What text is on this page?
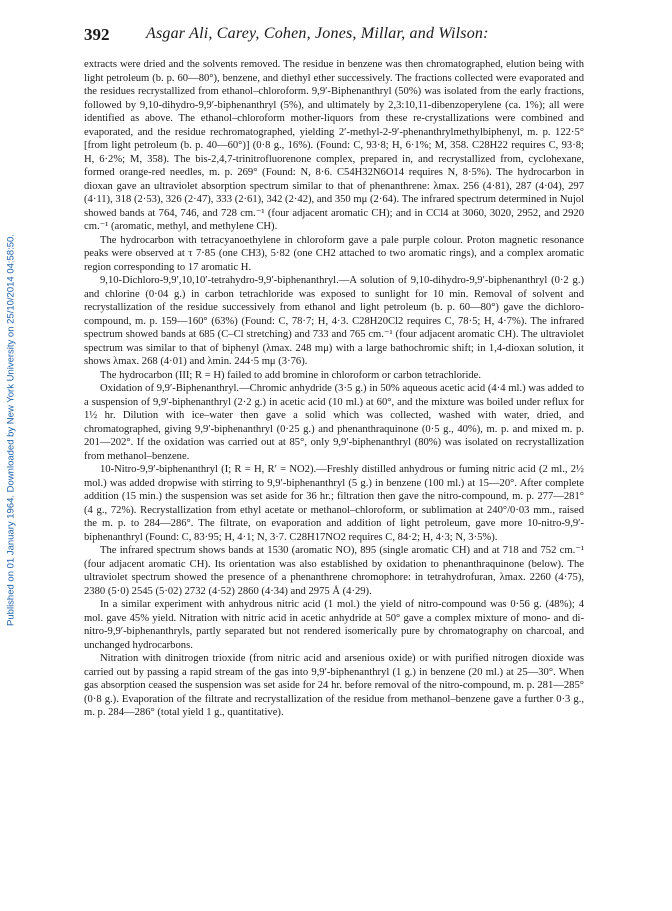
Published on 01 January 1964. Downloaded by New York University on 25/10/2014 04:58:50.
392 Asgar Ali, Carey, Cohen, Jones, Millar, and Wilson:

extracts were dried and the solvents removed. The residue in benzene was then chromatographed, elution being with light petroleum (b. p. 60—80°), benzene, and diethyl ether successively. The fractions collected were evaporated and the residues recrystallized from ethanol–chloroform. 9,9′-Biphenanthryl (50%) was isolated from the early fractions, followed by 9,10-dihydro-9,9′-biphenanthryl (5%), and ultimately by 2,3:10,11-dibenzoperylene (ca. 1%); all were identified as above. The ethanol–chloroform mother-liquors from these re-crystallizations were combined and evaporated, and the residue rechromatographed, yielding 2′-methyl-2-9′-phenanthrylmethylbiphenyl, m. p. 122·5° [from light petroleum (b. p. 40—60°)] (0·8 g., 16%). (Found: C, 93·8; H, 6·1%; M, 358. C28H22 requires C, 93·8; H, 6·2%; M, 358). The bis-2,4,7-trinitrofluorenone complex, prepared in, and recrystallized from, cyclohexane, formed orange-red needles, m. p. 269° (Found: N, 8·6. C54H32N6O14 requires N, 8·5%). The hydrocarbon in dioxan gave an ultraviolet absorption spectrum similar to that of phenanthrene: λmax. 256 (4·81), 287 (4·04), 297 (4·11), 318 (2·53), 326 (2·47), 333 (2·61), 342 (2·42), and 350 mμ (2·64). The infrared spectrum determined in Nujol showed bands at 764, 746, and 728 cm.⁻¹ (four adjacent aromatic CH); and in CCl4 at 3060, 3020, 2952, and 2920 cm.⁻¹ (aromatic, methyl, and methylene CH).

The hydrocarbon with tetracyanoethylene in chloroform gave a pale purple colour. Proton magnetic resonance peaks were observed at τ 7·85 (one CH3), 5·82 (one CH2 attached to two aromatic rings), and a complex aromatic region corresponding to 17 aromatic H.

9,10-Dichloro-9,9′,10,10′-tetrahydro-9,9′-biphenanthryl.—A solution of 9,10-dihydro-9,9′-biphenanthryl (0·2 g.) and chlorine (0·04 g.) in carbon tetrachloride was exposed to sunlight for 10 min. Removal of solvent and recrystallization of the residue successively from ethanol and light petroleum (b. p. 60—80°) gave the dichloro-compound, m. p. 159—160° (63%) (Found: C, 78·7; H, 4·3. C28H20Cl2 requires C, 78·5; H, 4·7%). The infrared spectrum showed bands at 685 (C–Cl stretching) and 733 and 765 cm.⁻¹ (four adjacent aromatic CH). The ultraviolet spectrum was similar to that of biphenyl (λmax. 248 mμ) with a large bathochromic shift; in 1,4-dioxan solution, it shows λmax. 268 (4·01) and λmin. 244·5 mμ (3·76).

The hydrocarbon (III; R = H) failed to add bromine in chloroform or carbon tetrachloride.

Oxidation of 9,9′-Biphenanthryl.—Chromic anhydride (3·5 g.) in 50% aqueous acetic acid (4·4 ml.) was added to a suspension of 9,9′-biphenanthryl (2·2 g.) in acetic acid (10 ml.) at 60°, and the mixture was boiled under reflux for 1½ hr. Dilution with ice–water then gave a solid which was collected, washed with water, dried, and chromatographed, giving 9,9′-biphenanthryl (0·25 g.) and phenanthraquinone (0·5 g., 40%), m. p. and mixed m. p. 201—202°. If the oxidation was carried out at 85°, only 9,9′-biphenanthryl (80%) was isolated on recrystallization from methanol–benzene.

10-Nitro-9,9′-biphenanthryl (I; R = H, R′ = NO2).—Freshly distilled anhydrous or fuming nitric acid (2 ml., 2½ mol.) was added dropwise with stirring to 9,9′-biphenanthryl (5 g.) in benzene (100 ml.) at 15—20°. After complete addition (15 min.) the suspension was set aside for 36 hr.; filtration then gave the nitro-compound, m. p. 277—281° (4 g., 72%). Recrystallization from ethyl acetate or methanol–chloroform, or sublimation at 240°/0·03 mm., raised the m. p. to 284—286°. The filtrate, on evaporation and addition of light petroleum, gave more 10-nitro-9,9′-biphenanthryl (Found: C, 83·95; H, 4·1; N, 3·7. C28H17NO2 requires C, 84·2; H, 4·3; N, 3·5%).

The infrared spectrum shows bands at 1530 (aromatic NO), 895 (single aromatic CH) and at 718 and 752 cm.⁻¹ (four adjacent aromatic CH). Its orientation was also established by oxidation to phenanthraquinone (below). The ultraviolet spectrum showed the presence of a phenanthrene chromophore: in tetrahydrofuran, λmax. 2260 (4·75), 2380 (5·0) 2545 (5·02) 2732 (4·52) 2860 (4·34) and 2975 Å (4·29).

In a similar experiment with anhydrous nitric acid (1 mol.) the yield of nitro-compound was 0·56 g. (48%); 4 mol. gave 45% yield. Nitration with nitric acid in acetic anhydride at 50° gave a complex mixture of mono- and di-nitro-9,9′-biphenanthryls, partly separated but not rendered isomerically pure by chromatography on charcoal, and unchanged hydrocarbons.

Nitration with dinitrogen trioxide (from nitric acid and arsenious oxide) or with purified nitrogen dioxide was carried out by passing a rapid stream of the gas into 9,9′-biphenanthryl (1 g.) in benzene (20 ml.) at 25—30°. When gas absorption ceased the suspension was set aside for 24 hr. before removal of the nitro-compound, m. p. 281—285° (0·8 g.). Evaporation of the filtrate and recrystallization of the residue from methanol–benzene gave a further 0·3 g., m. p. 284—286° (total yield 1 g., quantitative).
